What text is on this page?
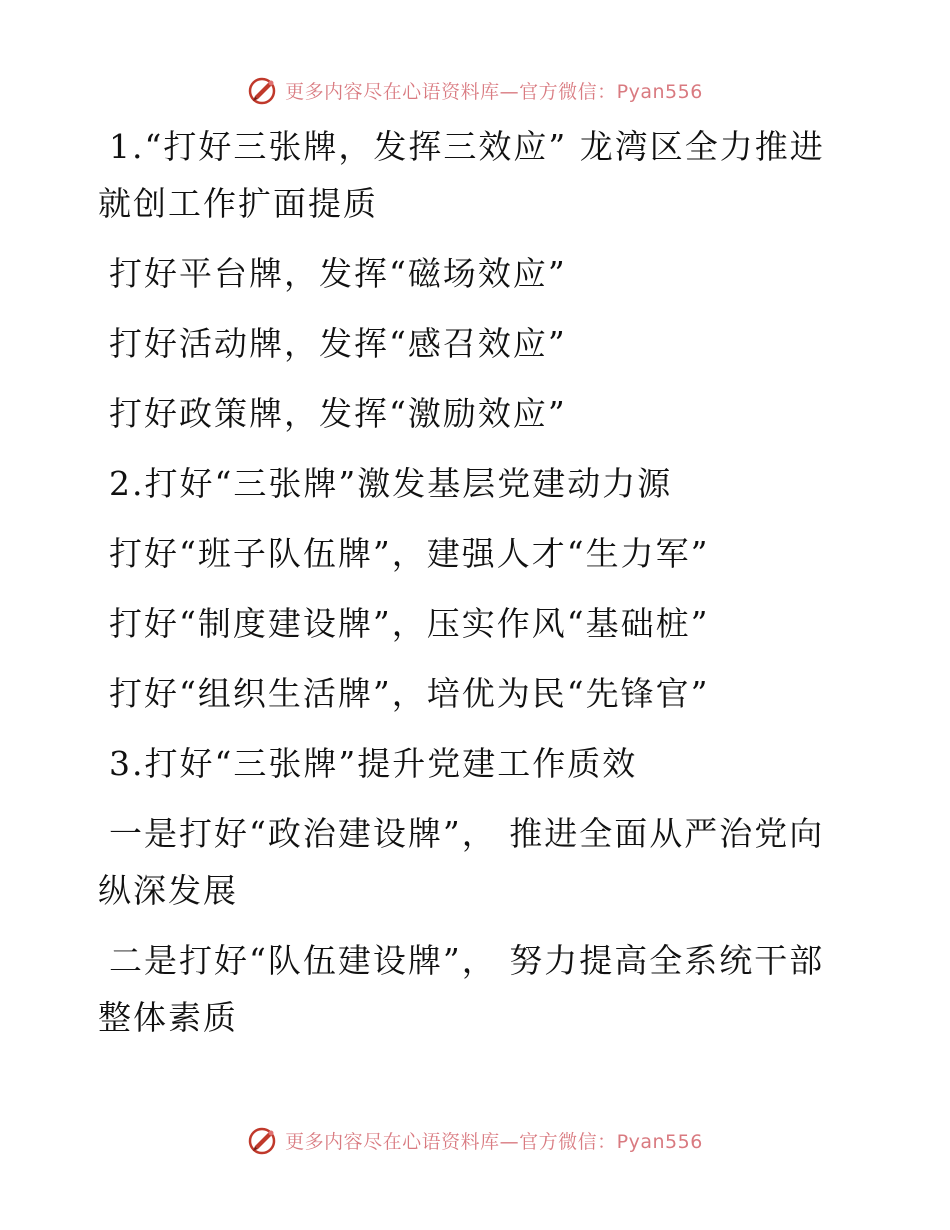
更多内容尽在心语资料库—官方微信：Pyan556

1.“打好三张牌，发挥三效应” 龙湾区全力推进就创工作扩面提质

打好平台牌，发挥“磁场效应”

打好活动牌，发挥“感召效应”

打好政策牌，发挥“激励效应”

2.打好“三张牌”激发基层党建动力源

打好“班子队伍牌”，建强人才“生力军”

打好“制度建设牌”，压实作风“基础桩”

打好“组织生活牌”，培优为民“先锋官”

3.打好“三张牌”提升党建工作质效

一是打好“政治建设牌”， 推进全面从严治党向纵深发展

二是打好“队伍建设牌”， 努力提高全系统干部整体素质

更多内容尽在心语资料库—官方微信：Pyan556
